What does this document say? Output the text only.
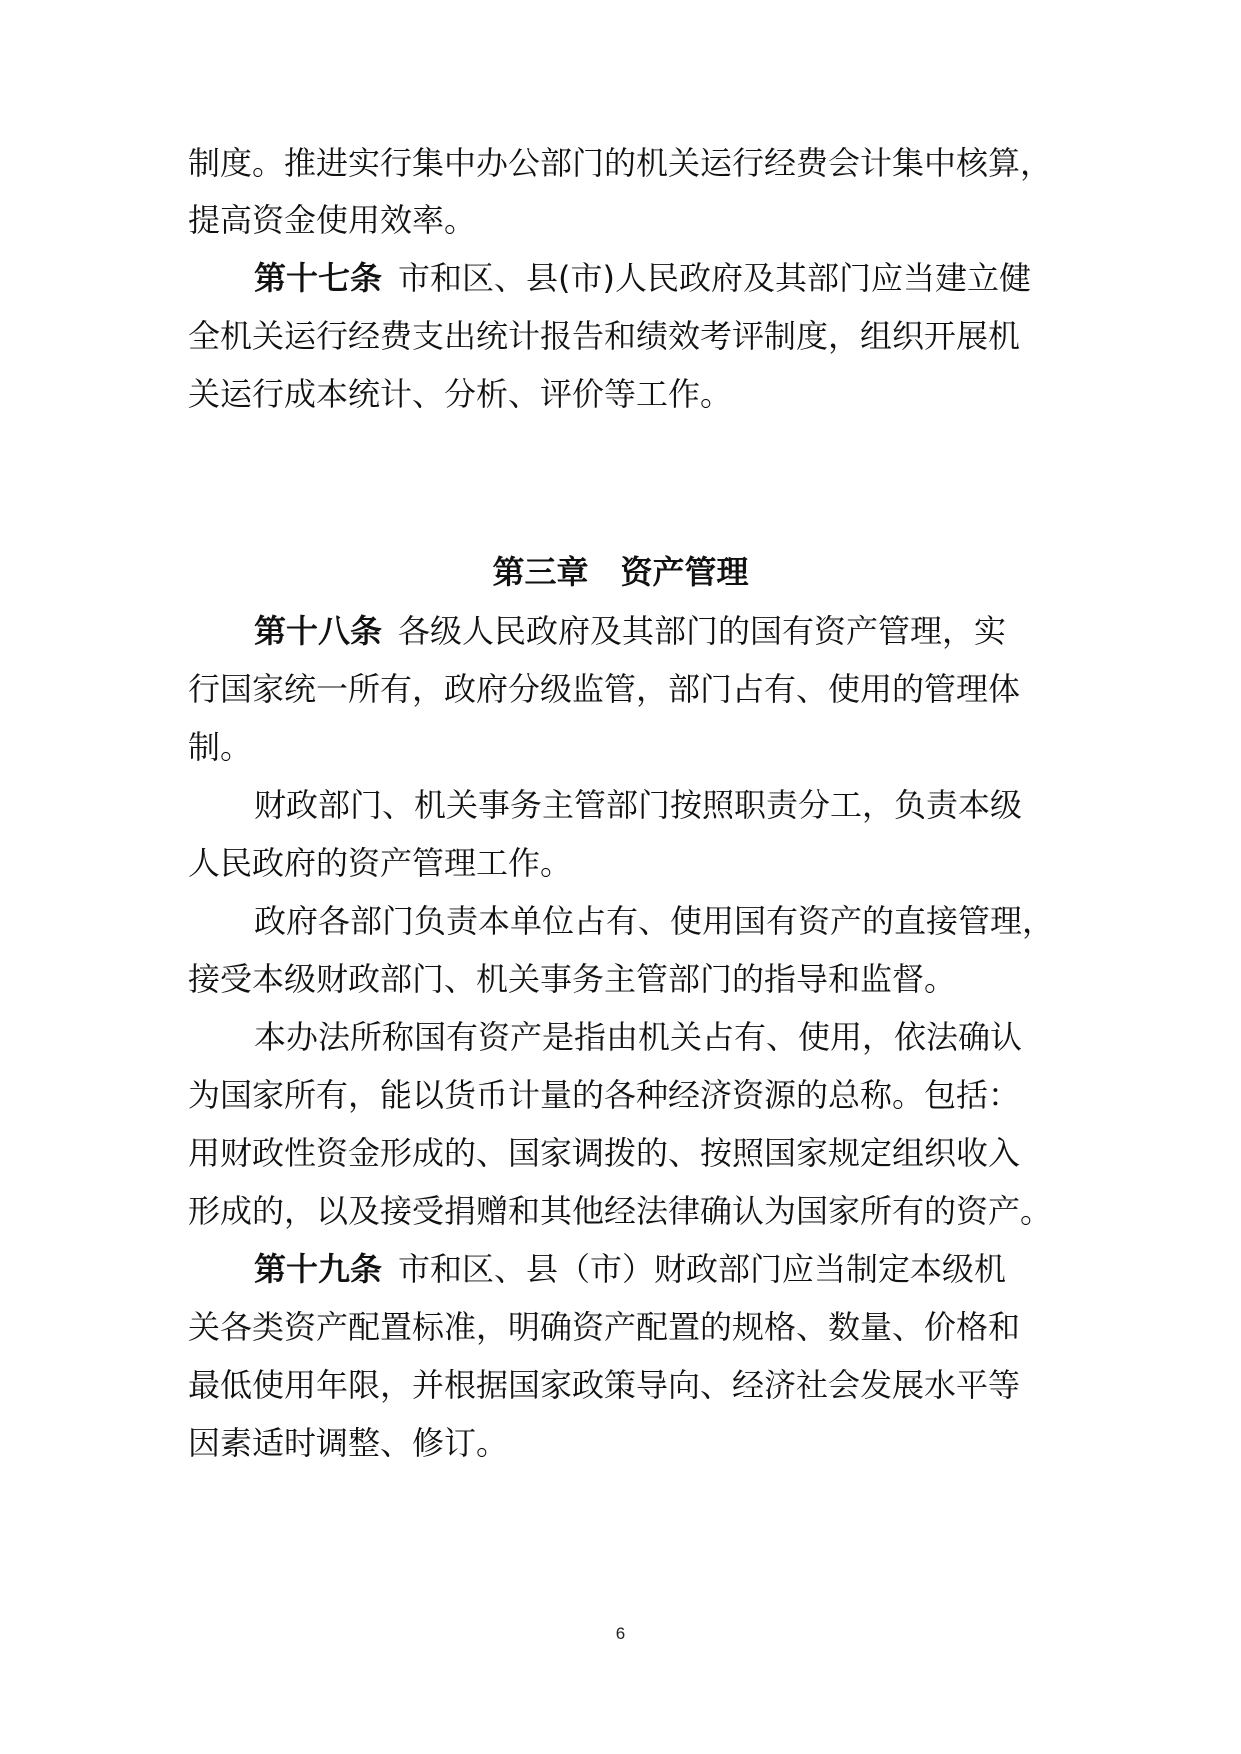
制度。推进实行集中办公部门的机关运行经费会计集中核算，
提高资金使用效率。
第十七条 市和区、县(市)人民政府及其部门应当建立健
全机关运行经费支出统计报告和绩效考评制度，组织开展机
关运行成本统计、分析、评价等工作。
第三章　资产管理
第十八条 各级人民政府及其部门的国有资产管理，实
行国家统一所有，政府分级监管，部门占有、使用的管理体
制。
财政部门、机关事务主管部门按照职责分工，负责本级
人民政府的资产管理工作。
政府各部门负责本单位占有、使用国有资产的直接管理，
接受本级财政部门、机关事务主管部门的指导和监督。
本办法所称国有资产是指由机关占有、使用，依法确认
为国家所有，能以货币计量的各种经济资源的总称。包括：
用财政性资金形成的、国家调拨的、按照国家规定组织收入
形成的，以及接受捐赠和其他经法律确认为国家所有的资产。
第十九条 市和区、县（市）财政部门应当制定本级机
关各类资产配置标准，明确资产配置的规格、数量、价格和
最低使用年限，并根据国家政策导向、经济社会发展水平等
因素适时调整、修订。
6
